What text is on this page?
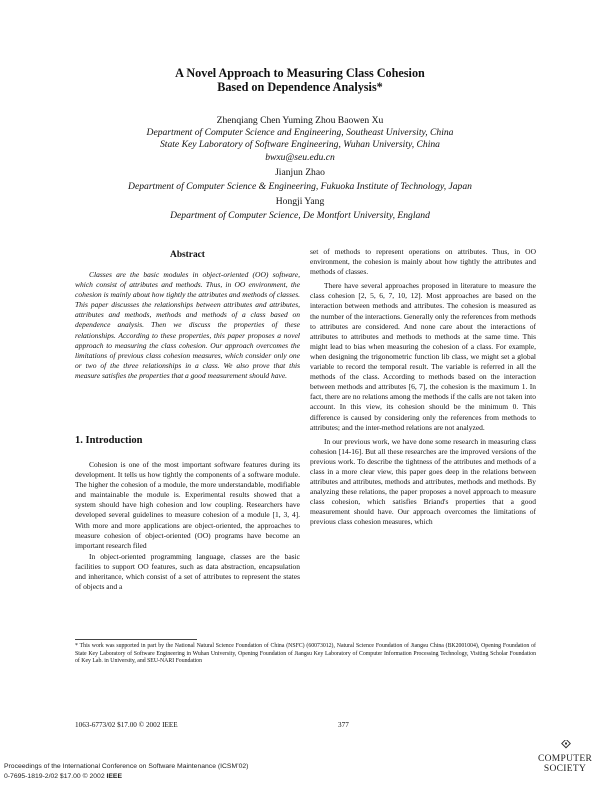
A Novel Approach to Measuring Class Cohesion
Based on Dependence Analysis*
Zhenqiang Chen Yuming Zhou Baowen Xu
Department of Computer Science and Engineering, Southeast University, China
State Key Laboratory of Software Engineering, Wuhan University, China
bwxu@seu.edu.cn
Jianjun Zhao
Department of Computer Science & Engineering, Fukuoka Institute of Technology, Japan
Hongji Yang
Department of Computer Science, De Montfort University, England
Abstract
Classes are the basic modules in object-oriented (OO) software, which consist of attributes and methods. Thus, in OO environment, the cohesion is mainly about how tightly the attributes and methods of classes. This paper discusses the relationships between attributes and attributes, attributes and methods, methods and methods of a class based on dependence analysis. Then we discuss the properties of these relationships. According to these properties, this paper proposes a novel approach to measuring the class cohesion. Our approach overcomes the limitations of previous class cohesion measures, which consider only one or two of the three relationships in a class. We also prove that this measure satisfies the properties that a good measurement should have.
1. Introduction

Cohesion is one of the most important software features during its development. It tells us how tightly the components of a software module. The higher the cohesion of a module, the more understandable, modifiable and maintainable the module is. Experimental results showed that a system should have high cohesion and low coupling. Researchers have developed several guidelines to measure cohesion of a module [1, 3, 4]. With more and more applications are object-oriented, the approaches to measure cohesion of object-oriented (OO) programs have become an important research filed

In object-oriented programming language, classes are the basic facilities to support OO features, such as data abstraction, encapsulation and inheritance, which consist of a set of attributes to represent the states of objects and a

set of methods to represent operations on attributes. Thus, in OO environment, the cohesion is mainly about how tightly the attributes and methods of classes.

There have several approaches proposed in literature to measure the class cohesion [2, 5, 6, 7, 10, 12]. Most approaches are based on the interaction between methods and attributes. The cohesion is measured as the number of the interactions. Generally only the references from methods to attributes are considered. And none care about the interactions of attributes to attributes and methods to methods at the same time. This might lead to bias when measuring the cohesion of a class. For example, when designing the trigonometric function lib class, we might set a global variable to record the temporal result. The variable is referred in all the methods of the class. According to methods based on the interaction between methods and attributes [6, 7], the cohesion is the maximum 1. In fact, there are no relations among the methods if the calls are not taken into account. In this view, its cohesion should be the minimum 0. This difference is caused by considering only the references from methods to attributes; and the inter-method relations are not analyzed.

In our previous work, we have done some research in measuring class cohesion [14-16]. But all these researches are the improved versions of the previous work. To describe the tightness of the attributes and methods of a class in a more clear view, this paper goes deep in the relations between attributes and attributes, methods and attributes, methods and methods. By analyzing these relations, the paper proposes a novel approach to measure class cohesion, which satisfies Briand's properties that a good measurement should have. Our approach overcomes the limitations of previous class cohesion measures, which

* This work was supported in part by the National Natural Science Foundation of China (NSFC) (60073012), Natural Science Foundation of Jiangsu China (BK2001004), Opening Foundation of State Key Laboratory of Software Engineering in Wuhan University, Opening Foundation of Jiangsu Key Laboratory of Computer Information Processing Technology, Visiting Scholar Foundation of Key Lab. in University, and SEU-NARI Foundation
1063-6773/02 $17.00 © 2002 IEEE	377
Proceedings of the International Conference on Software Maintenance (ICSM’02)
0-7695-1819-2/02 $17.00 © 2002 IEEE
COMPUTER
SOCIETY
